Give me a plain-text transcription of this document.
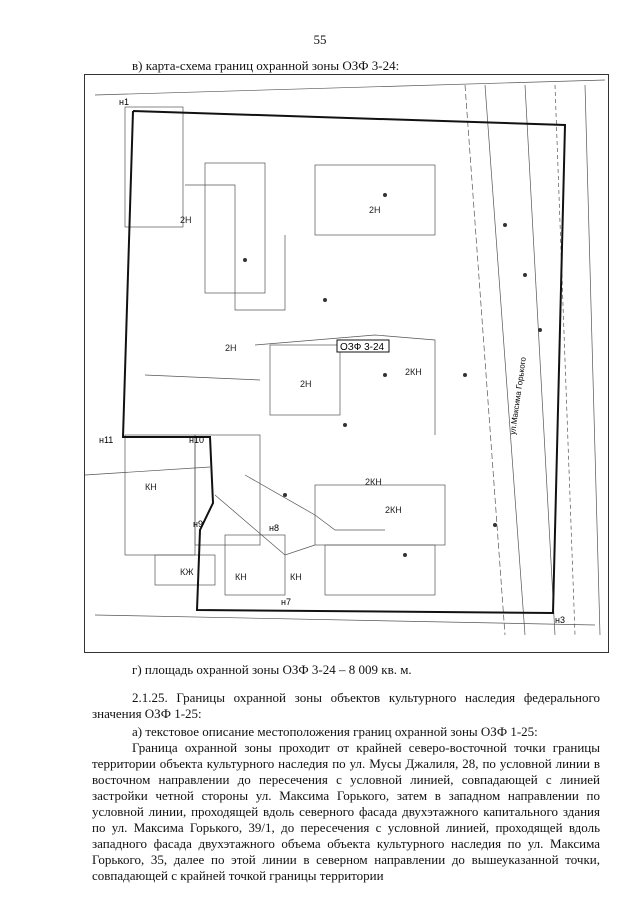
55
в) карта-схема границ охранной зоны ОЗФ 3-24:
ОЗФ 3-24
н1
н11	н10
н9	н8
н7
н3
2Н
2Н
2Н
2Н
2КН
2КН
2КН
КН	КН
КЖ
КН
ул.Максима Горького
г) площадь охранной зоны ОЗФ 3-24 – 8 009 кв. м.

2.1.25. Границы охранной зоны объектов культурного наследия федерального значения ОЗФ 1-25:

а) текстовое описание местоположения границ охранной зоны ОЗФ 1-25:
Граница охранной зоны проходит от крайней северо-восточной точки границы территории объекта культурного наследия по ул. Мусы Джалиля, 28, по условной линии в восточном направлении до пересечения с условной линией, совпадающей с линией застройки четной стороны ул. Максима Горького, затем в западном направлении по условной линии, проходящей вдоль северного фасада двухэтажного капитального здания по ул. Максима Горького, 39/1, до пересечения с условной линией, проходящей вдоль западного фасада двухэтажного объема объекта культурного наследия по ул. Максима Горького, 35, далее по этой линии в северном направлении до вышеуказанной точки, совпадающей с крайней точкой границы территории
